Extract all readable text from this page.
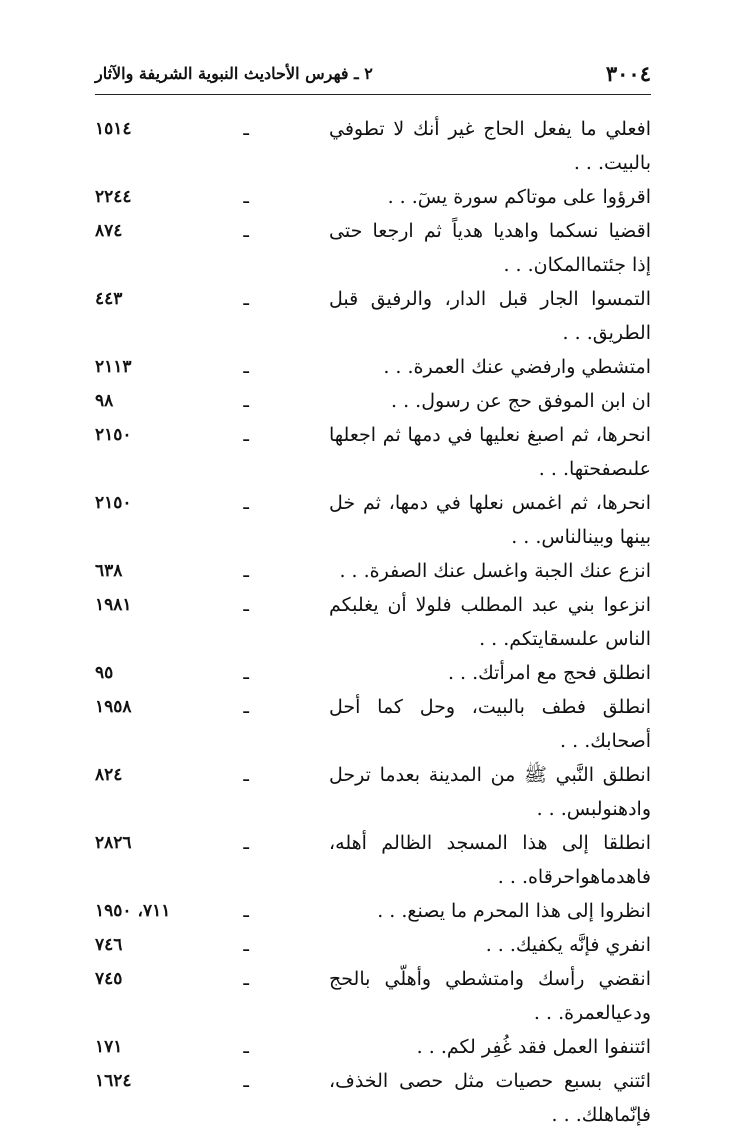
٣٠٠٤
٢ ـ فهرس الأحاديث النبوية الشريفة والآثار
افعلي ما يفعل الحاج غير أنك لا تطوفي بالبيت. . .
ـ
١٥١٤
اقرؤوا على موتاكم سورة يسٓ. . .
ـ
٢٢٤٤
اقضيا نسكما واهديا هدياً ثم ارجعا حتى إذا جئتماالمكان. . .
ـ
٨٧٤
التمسوا الجار قبل الدار، والرفيق قبل الطريق. . .
ـ
٤٤٣
امتشطي وارفضي عنك العمرة. . .
ـ
٢١١٣
ان ابن الموفق حج عن رسول. . .
ـ
٩٨
انحرها، ثم اصبغ نعليها في دمها ثم اجعلها علىصفحتها. . .
ـ
٢١٥٠
انحرها، ثم اغمس نعلها في دمها، ثم خل بينها وبينالناس. . .
ـ
٢١٥٠
انزع عنك الجبة واغسل عنك الصفرة. . .
ـ
٦٣٨
انزعوا بني عبد المطلب فلولا أن يغلبكم الناس علىسقايتكم. . .
ـ
١٩٨١
انطلق فحج مع امرأتك. . .
ـ
٩٥
انطلق فطف بالبيت، وحل كما أحل أصحابك. . .
ـ
١٩٥٨
انطلق النَّبي ﷺ من المدينة بعدما ترحل وادهنولبس. . .
ـ
٨٢٤
انطلقا إلى هذا المسجد الظالم أهله، فاهدماهواحرقاه. . .
ـ
٢٨٢٦
انظروا إلى هذا المحرم ما يصنع. . .
ـ
٧١١، ١٩٥٠
انفري فإنَّه يكفيك. . .
ـ
٧٤٦
انقضي رأسك وامتشطي وأهلّي بالحج ودعيالعمرة. . .
ـ
٧٤٥
ائتنفوا العمل فقد غُفِر لكم. . .
ـ
١٧١
ائتني بسبع حصيات مثل حصى الخذف، فإنّماهلك. . .
ـ
١٦٢٤
